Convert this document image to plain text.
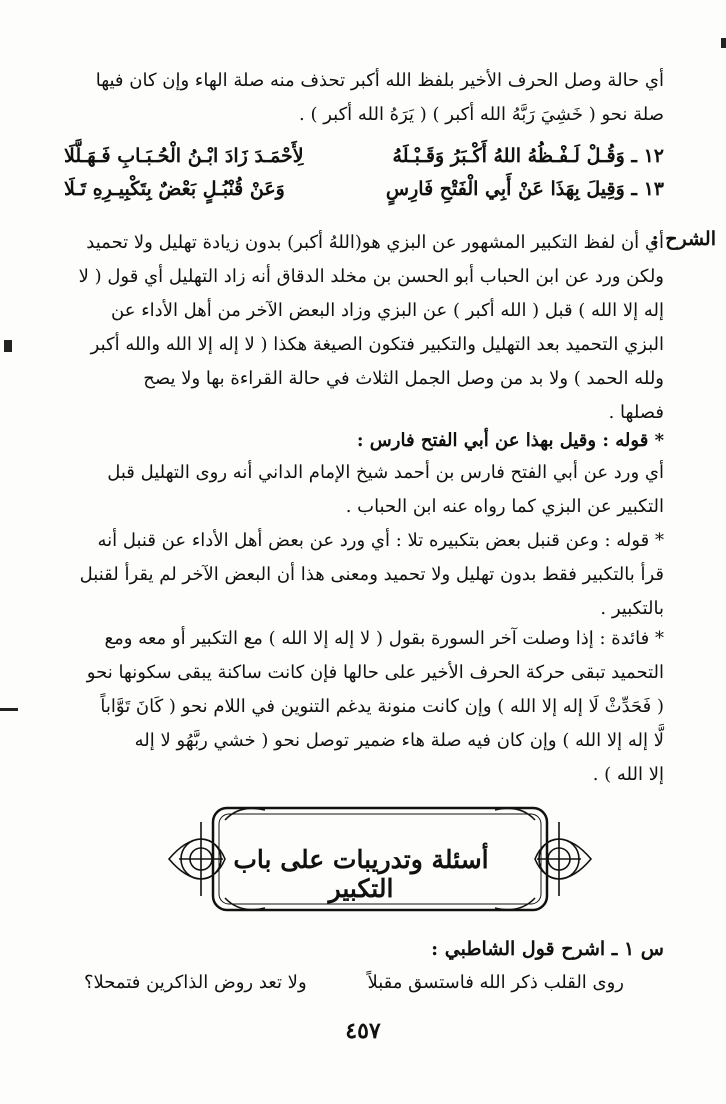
أي حالة وصل الحرف الأخير بلفظ الله أكبر تحذف منه صلة الهاء وإن كان فيها
صلة نحو ( خَشِيَ رَبَّهُ الله أكبر ) ( يَرَهُ الله أكبر ) .
١٢ ـ وَقُـلْ لَـفْـظُهُ اللهُ أَكْـبَرُ وَقَـبْـلَهُ
لِأَحْمَـدَ زَادَ ابْـنُ الْحُـبَـابِ فَـهَـلَّلَا
١٣ ـ وَقِيلَ بِهَذَا عَنْ أَبِي الْفَتْحِ فَارِسٍ
وَعَنْ قُنْبُـلٍ بَعْضٌ بِتَكْبِيـرِهِ تَـلَا
الشرح :
أي أن لفظ التكبير المشهور عن البزي هو(اللهُ أكبر) بدون زيادة تهليل ولا تحميد
ولكن ورد عن ابن الحباب أبو الحسن بن مخلد الدقاق أنه زاد التهليل أي قول ( لا
إله إلا الله ) قبل ( الله أكبر ) عن البزي وزاد البعض الآخر من أهل الأداء عن
البزي التحميد بعد التهليل والتكبير فتكون الصيغة هكذا ( لا إله إلا الله والله أكبر
ولله الحمد ) ولا بد من وصل الجمل الثلاث في حالة القراءة بها ولا يصح
فصلها .
* قوله : وقيل بهذا عن أبي الفتح فارس :
أي ورد عن أبي الفتح فارس بن أحمد شيخ الإمام الداني أنه روى التهليل قبل
التكبير عن البزي كما رواه عنه ابن الحباب .
* قوله : وعن قنبل بعض بتكبيره تلا : أي ورد عن بعض أهل الأداء عن قنبل أنه
قرأ بالتكبير فقط بدون تهليل ولا تحميد ومعنى هذا أن البعض الآخر لم يقرأ لقنبل
بالتكبير .
* فائدة : إذا وصلت آخر السورة بقول ( لا إله إلا الله ) مع التكبير أو معه ومع
التحميد تبقى حركة الحرف الأخير على حالها فإن كانت ساكنة يبقى سكونها نحو
( فَحَدِّثْ لَا إله إلا الله ) وإن كانت منونة يدغم التنوين في اللام نحو ( كَانَ تَوَّاباً
لَّا إله إلا الله ) وإن كان فيه صلة هاء ضمير توصل نحو ( خشي ربَّهُو لا إله
إلا الله ) .
أسئلة وتدريبات على باب التكبير
س ١ ـ اشرح قول الشاطبي :
روى القلب ذكر الله فاستسق مقبلاً
ولا تعد روض الذاكرين فتمحلا؟
٤٥٧
